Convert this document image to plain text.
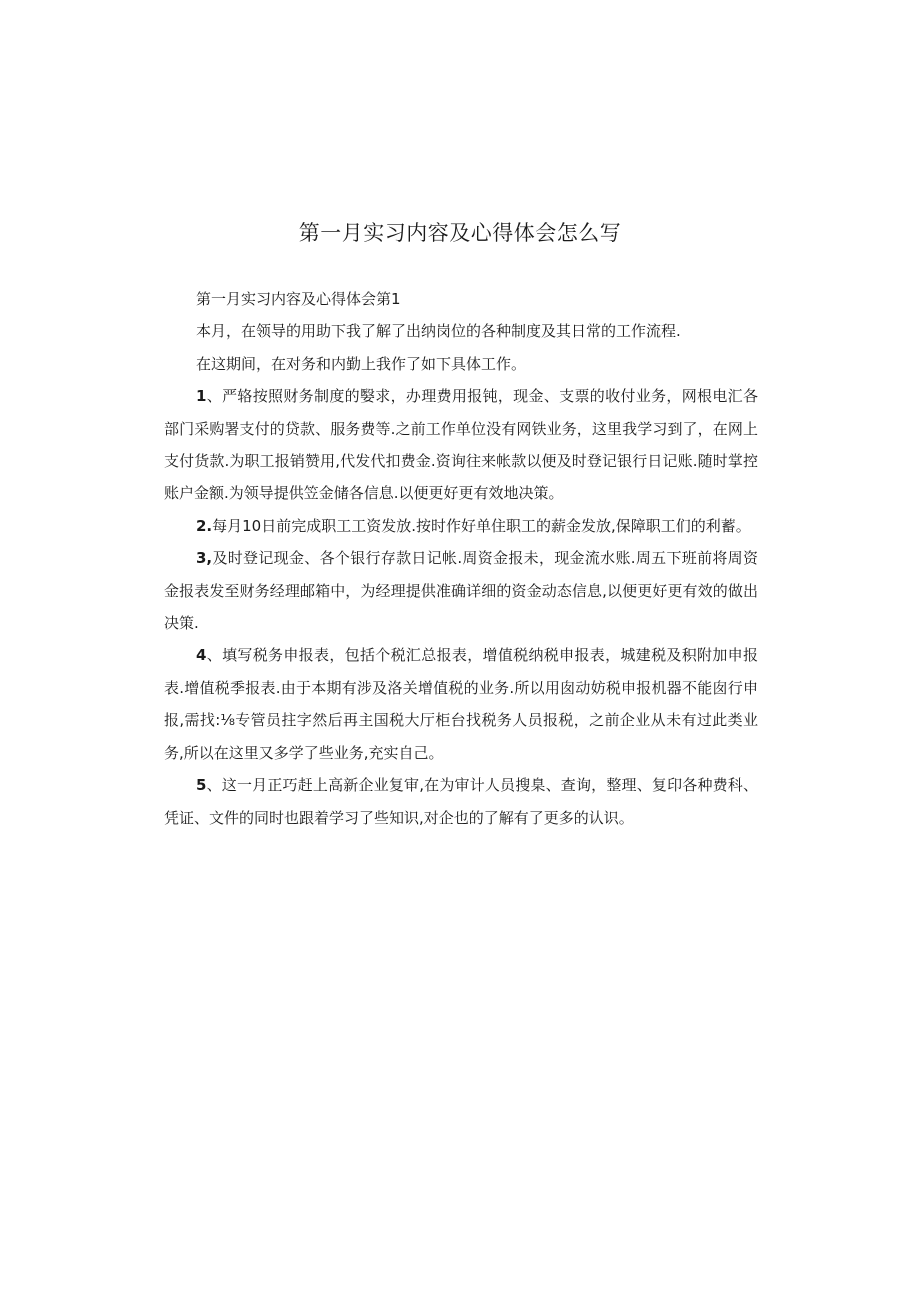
第一月实习内容及心得体会怎么写

第一月实习内容及心得体会第1

本月，在领导的用助下我了解了出纳岗位的各种制度及其日常的工作流程.

在这期间，在对务和内勤上我作了如下具体工作。

1、严辂按照财务制度的嫛求，办理费用报钝，现金、支票的收付业务，网根电汇各部门采购署支付的贷款、服务费等.之前工作单位没有网铁业务，这里我学习到了，在网上支付货款.为职工报销赞用,代发代扣费金.资询往来帐款以便及时登记银行日记账.随时掌控账户金额.为领导提供笠金储各信息.以便更好更有效地决策。

2.每月10日前完成职工工资发放.按时作好单住职工的薪金发放,保障职工们的利蓄。

3,及时登记现金、各个银行存款日记帐.周资金报未，现金流水账.周五下班前将周资金报表发至财务经理邮箱中，为经理提供准确详细的资金动态信息,以便更好更有效的做出决策.

4、填写税务申报表，包括个税汇总报表，增值税纳税申报表，城建税及积附加申报表.增值税季报表.由于本期有涉及洛关增值税的业务.所以用囱动妨税申报机器不能囱行申报,需找:⅛专管员拄字然后再主国税大厅柜台找税务人员报税，之前企业从未有过此类业务,所以在这里又多学了些业务,充实自己。

5、这一月正巧赶上高新企业复审,在为审计人员搜臬、查询，整理、复印各种费科、凭证、文件的同时也跟着学习了些知识,对企也的了解有了更多的认识。
